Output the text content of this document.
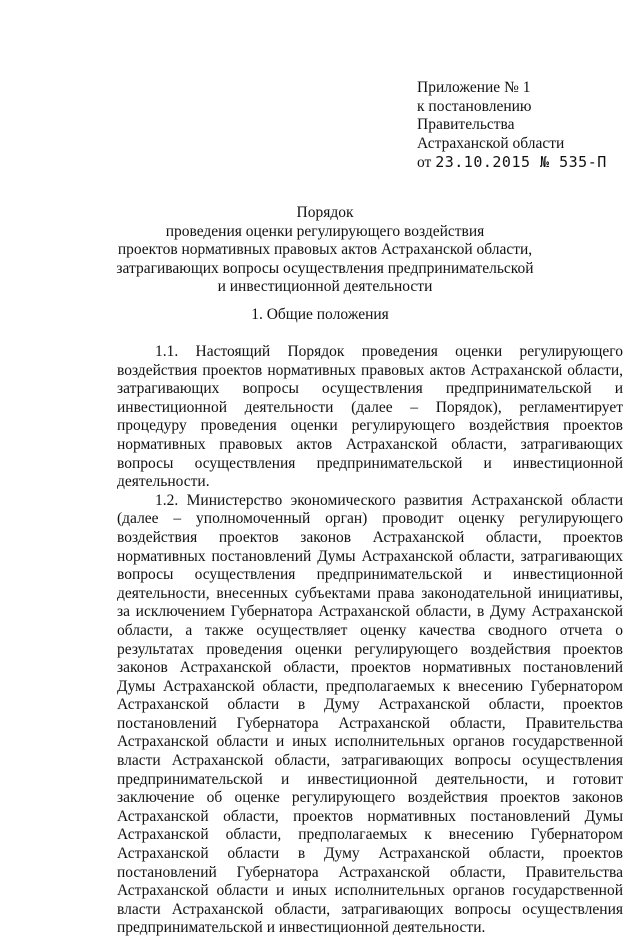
Приложение № 1
к постановлению
Правительства
Астраханской области
от 23.10.2015 № 535-П
Порядок
проведения оценки регулирующего воздействия
проектов нормативных правовых актов Астраханской области,
затрагивающих вопросы осуществления предпринимательской
и инвестиционной деятельности
1. Общие положения

1.1. Настоящий Порядок проведения оценки регулирующего воздействия проектов нормативных правовых актов Астраханской области, затрагивающих вопросы осуществления предпринимательской и инвестиционной деятельности (далее – Порядок), регламентирует процедуру проведения оценки регулирующего воздействия проектов нормативных правовых актов Астраханской области, затрагивающих вопросы осуществления предпринимательской и инвестиционной деятельности.

1.2. Министерство экономического развития Астраханской области (далее – уполномоченный орган) проводит оценку регулирующего воздействия проектов законов Астраханской области, проектов нормативных постановлений Думы Астраханской области, затрагивающих вопросы осуществления предпринимательской и инвестиционной деятельности, внесенных субъектами права законодательной инициативы, за исключением Губернатора Астраханской области, в Думу Астраханской области, а также осуществляет оценку качества сводного отчета о результатах проведения оценки регулирующего воздействия проектов законов Астраханской области, проектов нормативных постановлений Думы Астраханской области, предполагаемых к внесению Губернатором Астраханской области в Думу Астраханской области, проектов постановлений Губернатора Астраханской области, Правительства Астраханской области и иных исполнительных органов государственной власти Астраханской области, затрагивающих вопросы осуществления предпринимательской и инвестиционной деятельности, и готовит заключение об оценке регулирующего воздействия проектов законов Астраханской области, проектов нормативных постановлений Думы Астраханской области, предполагаемых к внесению Губернатором Астраханской области в Думу Астраханской области, проектов постановлений Губернатора Астраханской области, Правительства Астраханской области и иных исполнительных органов государственной власти Астраханской области, затрагивающих вопросы осуществления предпринимательской и инвестиционной деятельности.
